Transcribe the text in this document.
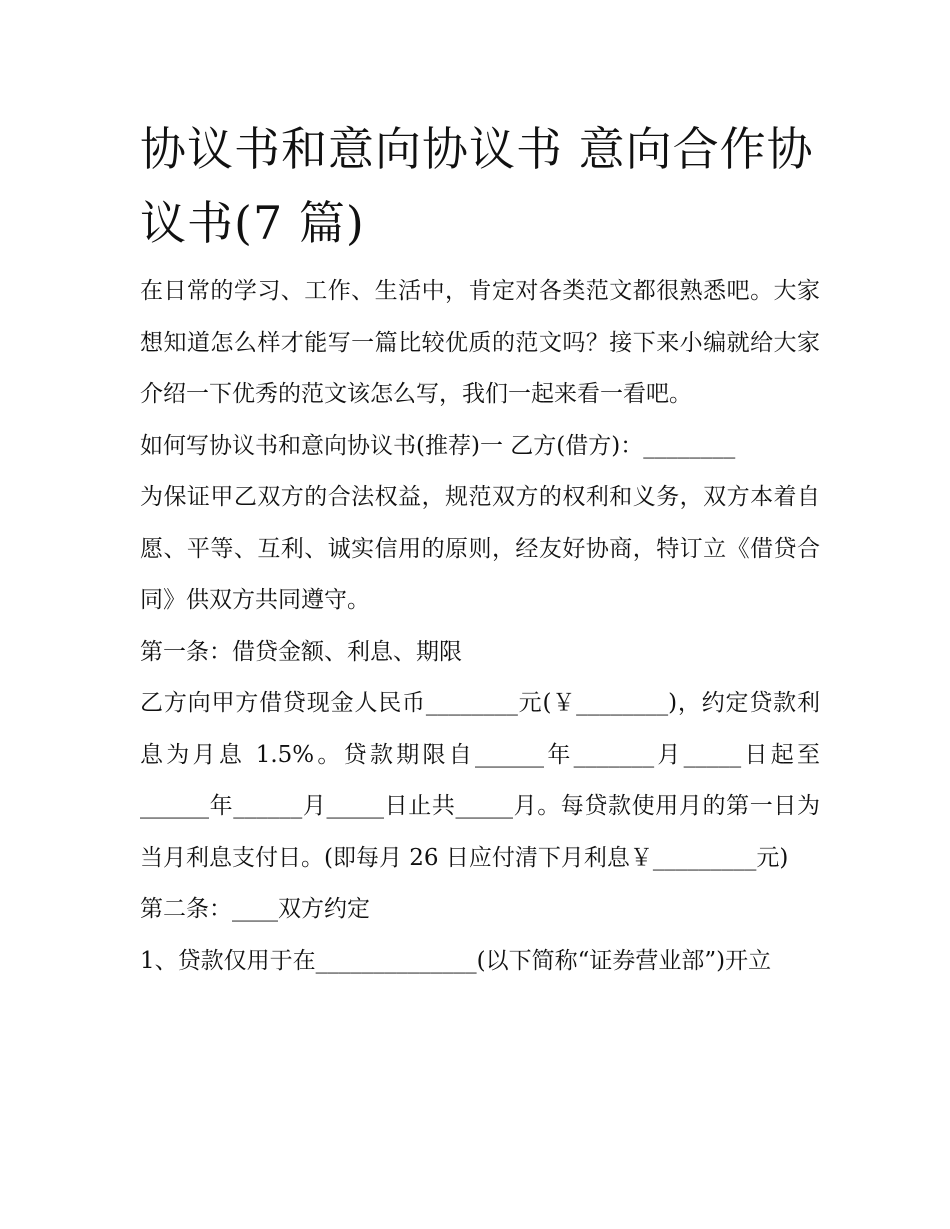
协议书和意向协议书 意向合作协议书(7 篇)

在日常的学习、工作、生活中，肯定对各类范文都很熟悉吧。大家想知道怎么样才能写一篇比较优质的范文吗？接下来小编就给大家介绍一下优秀的范文该怎么写，我们一起来看一看吧。

如何写协议书和意向协议书(推荐)一 乙方(借方)：________

为保证甲乙双方的合法权益，规范双方的权利和义务，双方本着自愿、平等、互利、诚实信用的原则，经友好协商，特订立《借贷合同》供双方共同遵守。

第一条：借贷金额、利息、期限

乙方向甲方借贷现金人民币________元(￥________)，约定贷款利息为月息 1.5%。贷款期限自______年_______月_____日起至______年______月_____日止共_____月。每贷款使用月的第一日为当月利息支付日。(即每月 26 日应付清下月利息￥_________元)

第二条：____双方约定

1、贷款仅用于在______________(以下简称“证券营业部”)开立
